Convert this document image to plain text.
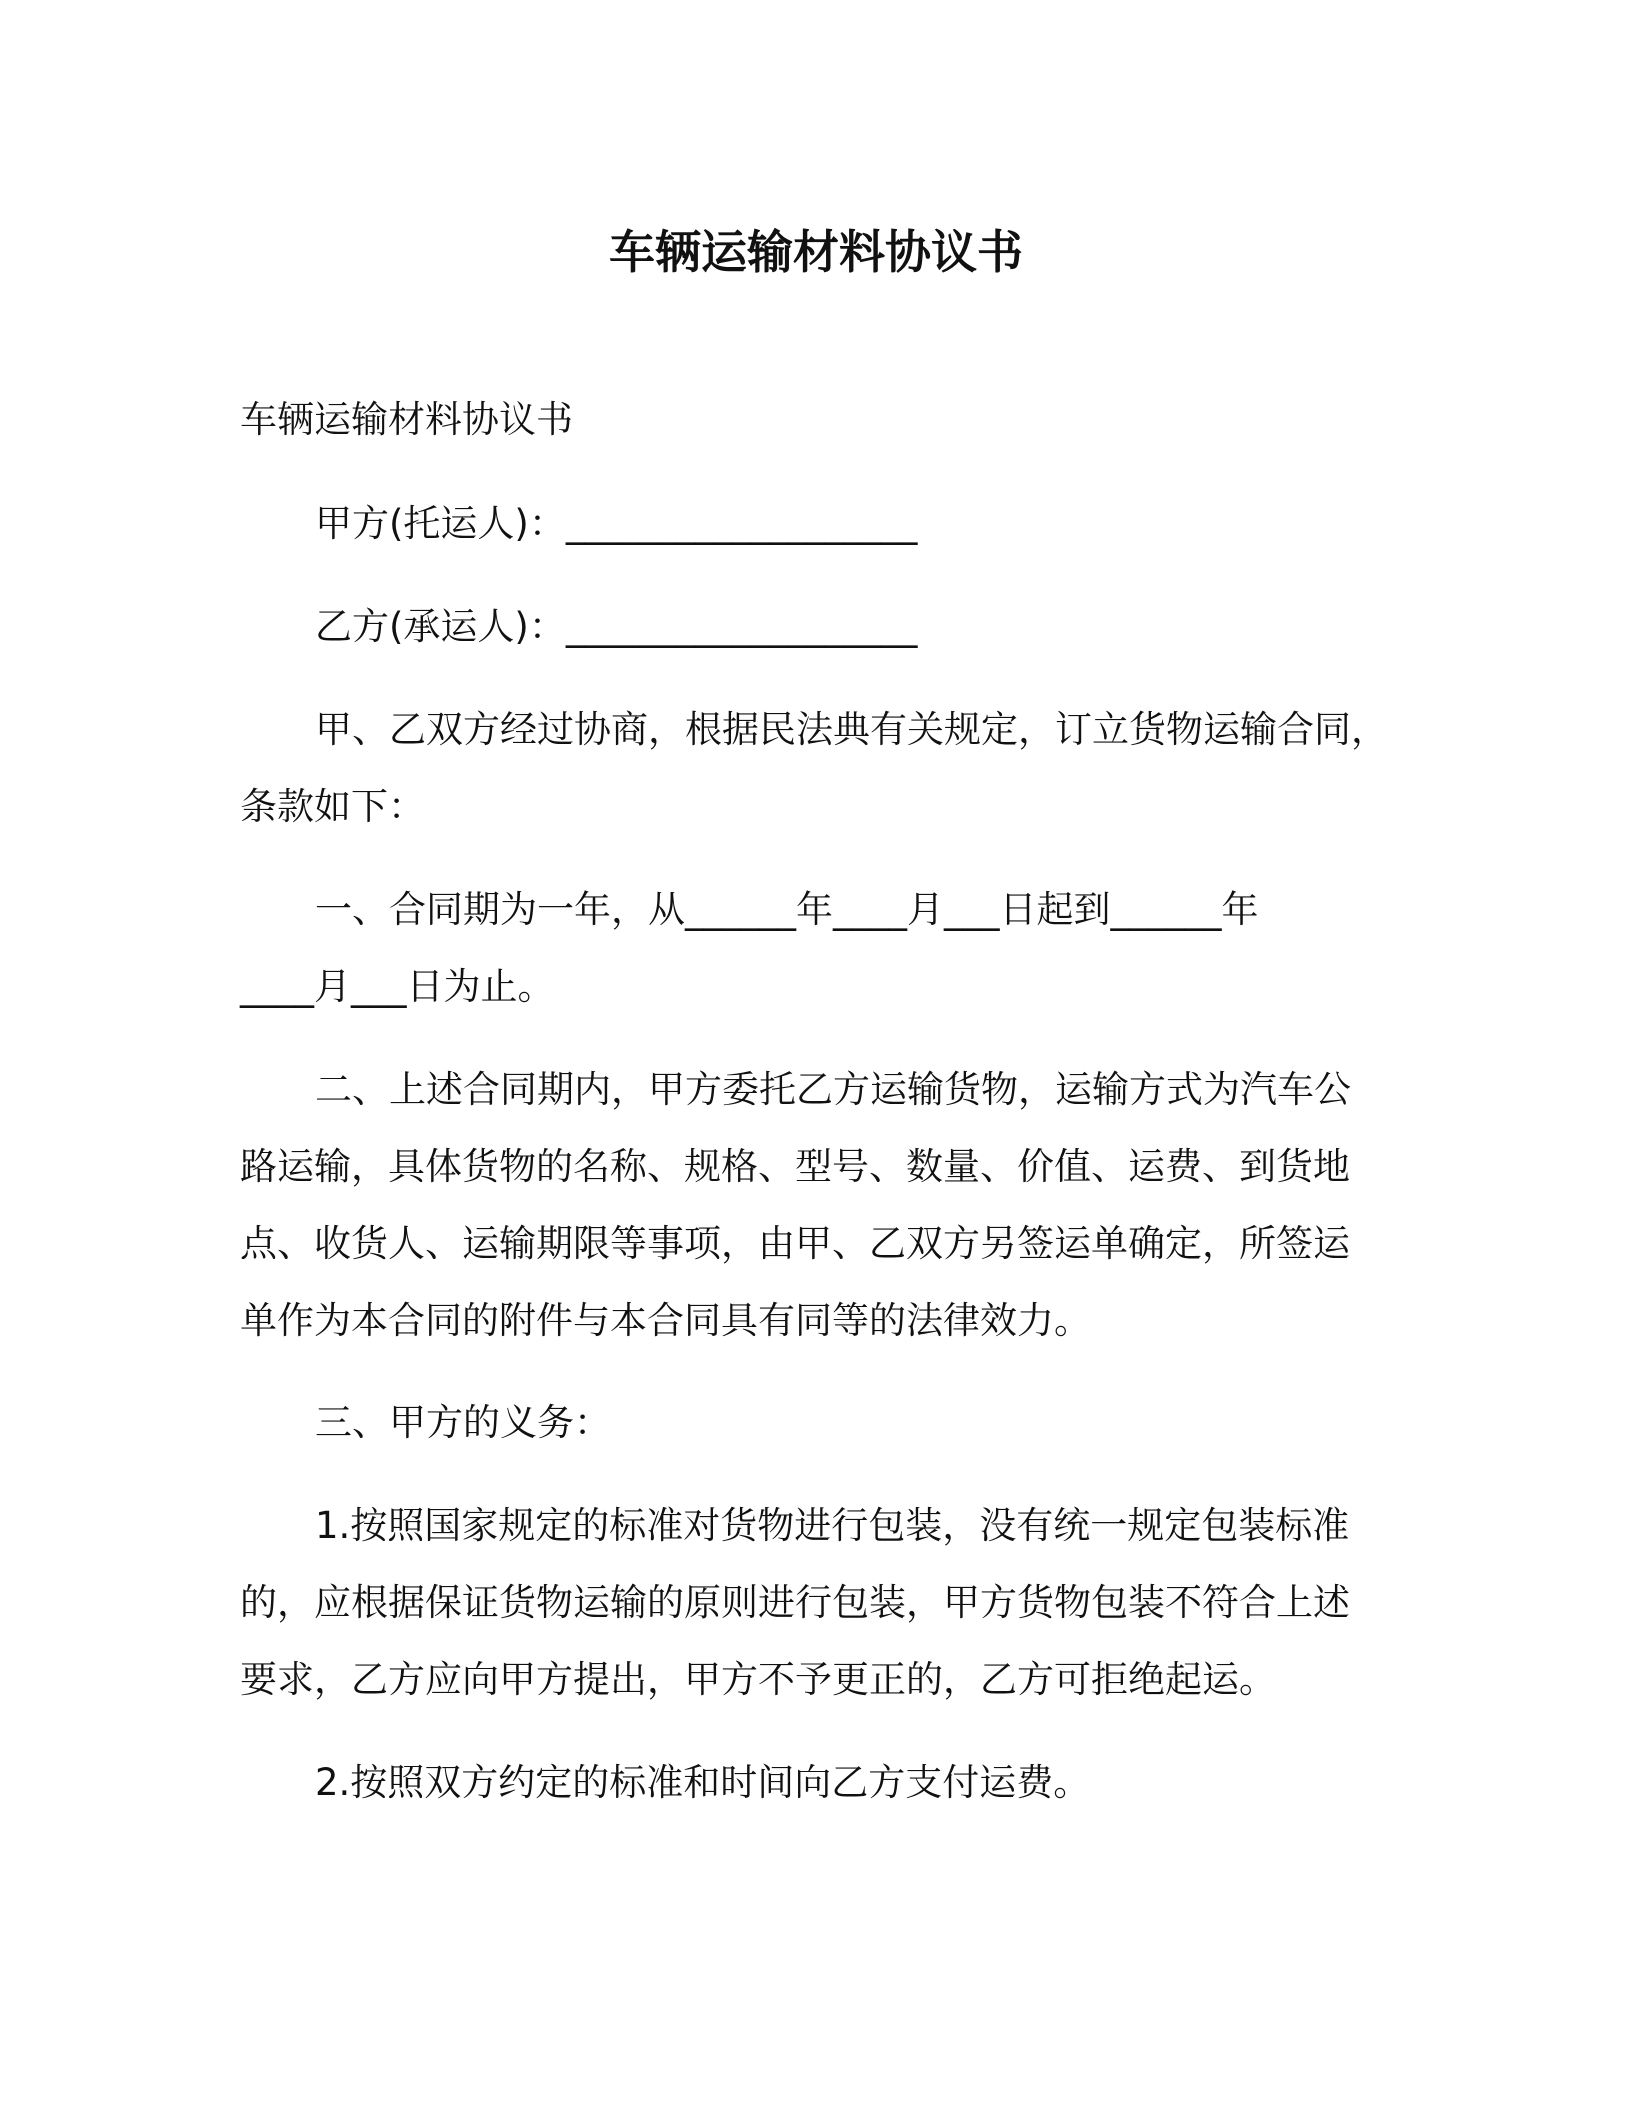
车辆运输材料协议书
车辆运输材料协议书
甲方(托运人)：___________________
乙方(承运人)：___________________
甲、乙双方经过协商，根据民法典有关规定，订立货物运输合同，
条款如下：
一、合同期为一年，从______年____月___日起到______年
____月___日为止。
二、上述合同期内，甲方委托乙方运输货物，运输方式为汽车公
路运输，具体货物的名称、规格、型号、数量、价值、运费、到货地
点、收货人、运输期限等事项，由甲、乙双方另签运单确定，所签运
单作为本合同的附件与本合同具有同等的法律效力。
三、甲方的义务：
1.按照国家规定的标准对货物进行包装，没有统一规定包装标准
的，应根据保证货物运输的原则进行包装，甲方货物包装不符合上述
要求，乙方应向甲方提出，甲方不予更正的，乙方可拒绝起运。
2.按照双方约定的标准和时间向乙方支付运费。
